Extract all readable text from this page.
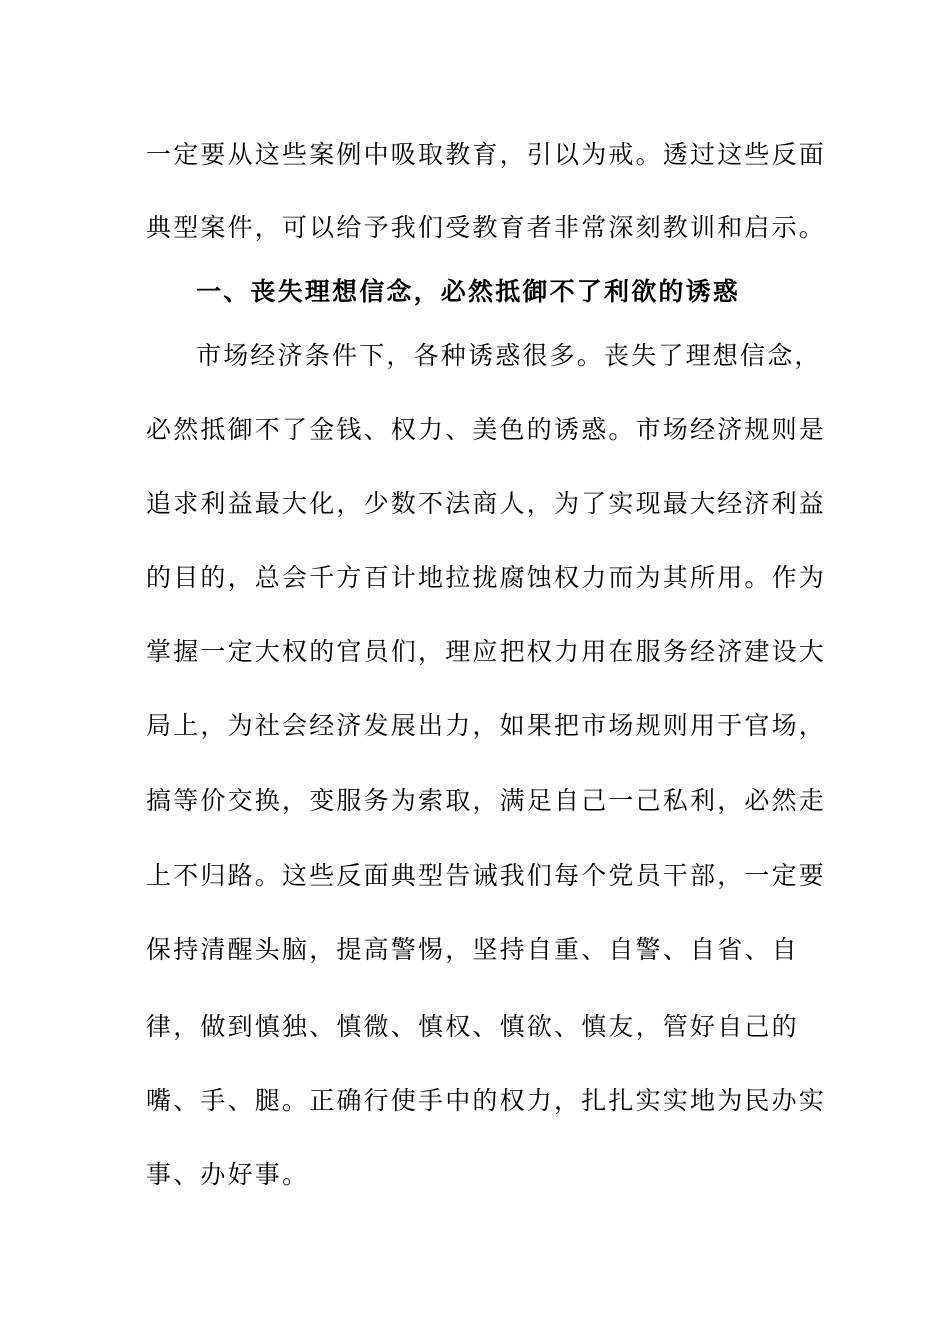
一定要从这些案例中吸取教育，引以为戒。透过这些反面
典型案件，可以给予我们受教育者非常深刻教训和启示。
一、丧失理想信念，必然抵御不了利欲的诱惑
市场经济条件下，各种诱惑很多。丧失了理想信念，
必然抵御不了金钱、权力、美色的诱惑。市场经济规则是
追求利益最大化，少数不法商人，为了实现最大经济利益
的目的，总会千方百计地拉拢腐蚀权力而为其所用。作为
掌握一定大权的官员们，理应把权力用在服务经济建设大
局上，为社会经济发展出力，如果把市场规则用于官场，
搞等价交换，变服务为索取，满足自己一己私利，必然走
上不归路。这些反面典型告诫我们每个党员干部，一定要
保持清醒头脑，提高警惕，坚持自重、自警、自省、自
律，做到慎独、慎微、慎权、慎欲、慎友，管好自己的
嘴、手、腿。正确行使手中的权力，扎扎实实地为民办实
事、办好事。
